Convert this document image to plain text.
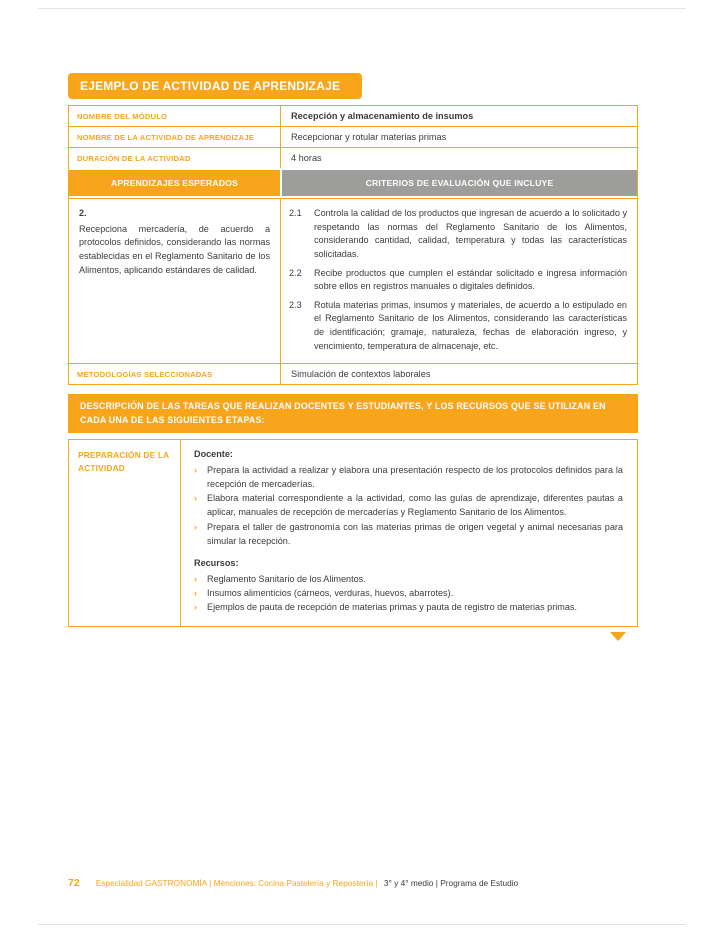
EJEMPLO DE ACTIVIDAD DE APRENDIZAJE
NOMBRE DEL MÓDULO	Recepción y almacenamiento de insumos
NOMBRE DE LA ACTIVIDAD DE APRENDIZAJE	Recepcionar y rotular materias primas
DURACIÓN DE LA ACTIVIDAD	4 horas
APRENDIZAJES ESPERADOS	CRITERIOS DE EVALUACIÓN QUE INCLUYE
2.
Recepciona mercadería, de acuerdo a protocolos definidos, considerando las normas establecidas en el Reglamento Sanitario de los Alimentos, aplicando estándares de calidad.
2.1	Controla la calidad de los productos que ingresan de acuerdo a lo solicitado y respetando las normas del Reglamento Sanitario de los Alimentos, considerando cantidad, calidad, temperatura y todas las características solicitadas.
2.2	Recibe productos que cumplen el estándar solicitado e ingresa información sobre ellos en registros manuales o digitales definidos.
2.3	Rotula materias primas, insumos y materiales, de acuerdo a lo estipulado en el Reglamento Sanitario de los Alimentos, considerando las características de identificación; gramaje, naturaleza, fechas de elaboración ingreso, y vencimiento, temperatura de almacenaje, etc.
METODOLOGÍAS SELECCIONADAS	Simulación de contextos laborales
DESCRIPCIÓN DE LAS TAREAS QUE REALIZAN DOCENTES Y ESTUDIANTES, Y LOS RECURSOS QUE SE UTILIZAN EN CADA UNA DE LAS SIGUIENTES ETAPAS:
PREPARACIÓN DE LA ACTIVIDAD
Docente:
›	Prepara la actividad a realizar y elabora una presentación respecto de los protocolos definidos para la recepción de mercaderías.
›	Elabora material correspondiente a la actividad, como las guías de aprendizaje, diferentes pautas a aplicar, manuales de recepción de mercaderías y Reglamento Sanitario de los Alimentos.
›	Prepara el taller de gastronomía con las materias primas de origen vegetal y animal necesarias para simular la recepción.
Recursos:
›	Reglamento Sanitario de los Alimentos.
›	Insumos alimenticios (cárneos, verduras, huevos, abarrotes).
›	Ejemplos de pauta de recepción de materias primas y pauta de registro de materias primas.
72 Especialidad GASTRONOMÍA | Menciones: Cocina Pastelería y Repostería | 3° y 4° medio | Programa de Estudio
